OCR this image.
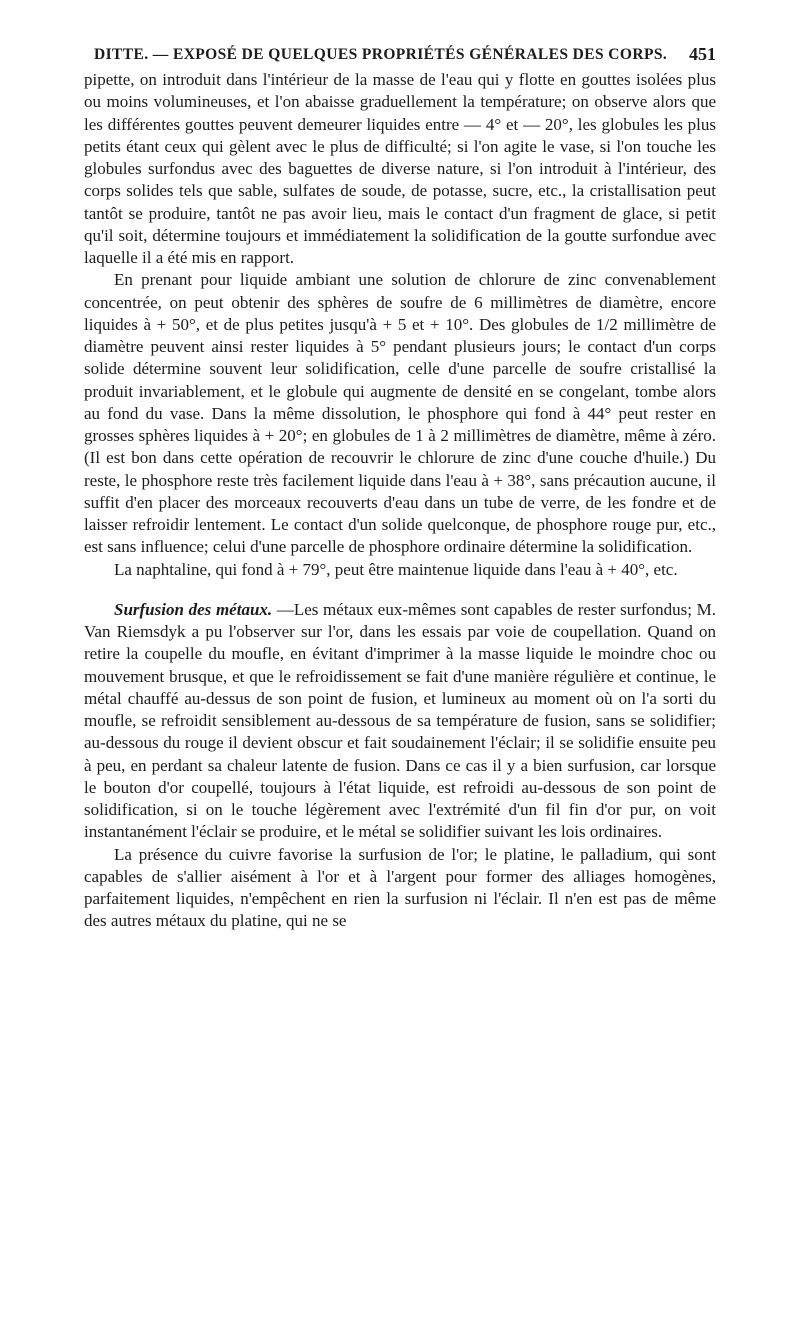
DITTE. — EXPOSÉ DE QUELQUES PROPRIÉTÉS GÉNÉRALES DES CORPS. 451

pipette, on introduit dans l'intérieur de la masse de l'eau qui y flotte en gouttes isolées plus ou moins volumineuses, et l'on abaisse graduellement la température; on observe alors que les différentes gouttes peuvent demeurer liquides entre — 4° et — 20°, les globules les plus petits étant ceux qui gèlent avec le plus de difficulté; si l'on agite le vase, si l'on touche les globules surfondus avec des baguettes de diverse nature, si l'on introduit à l'intérieur, des corps solides tels que sable, sulfates de soude, de potasse, sucre, etc., la cristallisation peut tantôt se produire, tantôt ne pas avoir lieu, mais le contact d'un fragment de glace, si petit qu'il soit, détermine toujours et immédiatement la solidification de la goutte surfondue avec laquelle il a été mis en rapport.

En prenant pour liquide ambiant une solution de chlorure de zinc convenablement concentrée, on peut obtenir des sphères de soufre de 6 millimètres de diamètre, encore liquides à + 50°, et de plus petites jusqu'à + 5 et + 10°. Des globules de 1/2 millimètre de diamètre peuvent ainsi rester liquides à 5° pendant plusieurs jours; le contact d'un corps solide détermine souvent leur solidification, celle d'une parcelle de soufre cristallisé la produit invariablement, et le globule qui augmente de densité en se congelant, tombe alors au fond du vase. Dans la même dissolution, le phosphore qui fond à 44° peut rester en grosses sphères liquides à + 20°; en globules de 1 à 2 millimètres de diamètre, même à zéro. (Il est bon dans cette opération de recouvrir le chlorure de zinc d'une couche d'huile.) Du reste, le phosphore reste très facilement liquide dans l'eau à + 38°, sans précaution aucune, il suffit d'en placer des morceaux recouverts d'eau dans un tube de verre, de les fondre et de laisser refroidir lentement. Le contact d'un solide quelconque, de phosphore rouge pur, etc., est sans influence; celui d'une parcelle de phosphore ordinaire détermine la solidification.

La naphtaline, qui fond à + 79°, peut être maintenue liquide dans l'eau à + 40°, etc.

Surfusion des métaux. —Les métaux eux-mêmes sont capables de rester surfondus; M. Van Riemsdyk a pu l'observer sur l'or, dans les essais par voie de coupellation. Quand on retire la coupelle du moufle, en évitant d'imprimer à la masse liquide le moindre choc ou mouvement brusque, et que le refroidissement se fait d'une manière régulière et continue, le métal chauffé au-dessus de son point de fusion, et lumineux au moment où on l'a sorti du moufle, se refroidit sensiblement au-dessous de sa température de fusion, sans se solidifier; au-dessous du rouge il devient obscur et fait soudainement l'éclair; il se solidifie ensuite peu à peu, en perdant sa chaleur latente de fusion. Dans ce cas il y a bien surfusion, car lorsque le bouton d'or coupellé, toujours à l'état liquide, est refroidi au-dessous de son point de solidification, si on le touche légèrement avec l'extrémité d'un fil fin d'or pur, on voit instantanément l'éclair se produire, et le métal se solidifier suivant les lois ordinaires.

La présence du cuivre favorise la surfusion de l'or; le platine, le palladium, qui sont capables de s'allier aisément à l'or et à l'argent pour former des alliages homogènes, parfaitement liquides, n'empêchent en rien la surfusion ni l'éclair. Il n'en est pas de même des autres métaux du platine, qui ne se
